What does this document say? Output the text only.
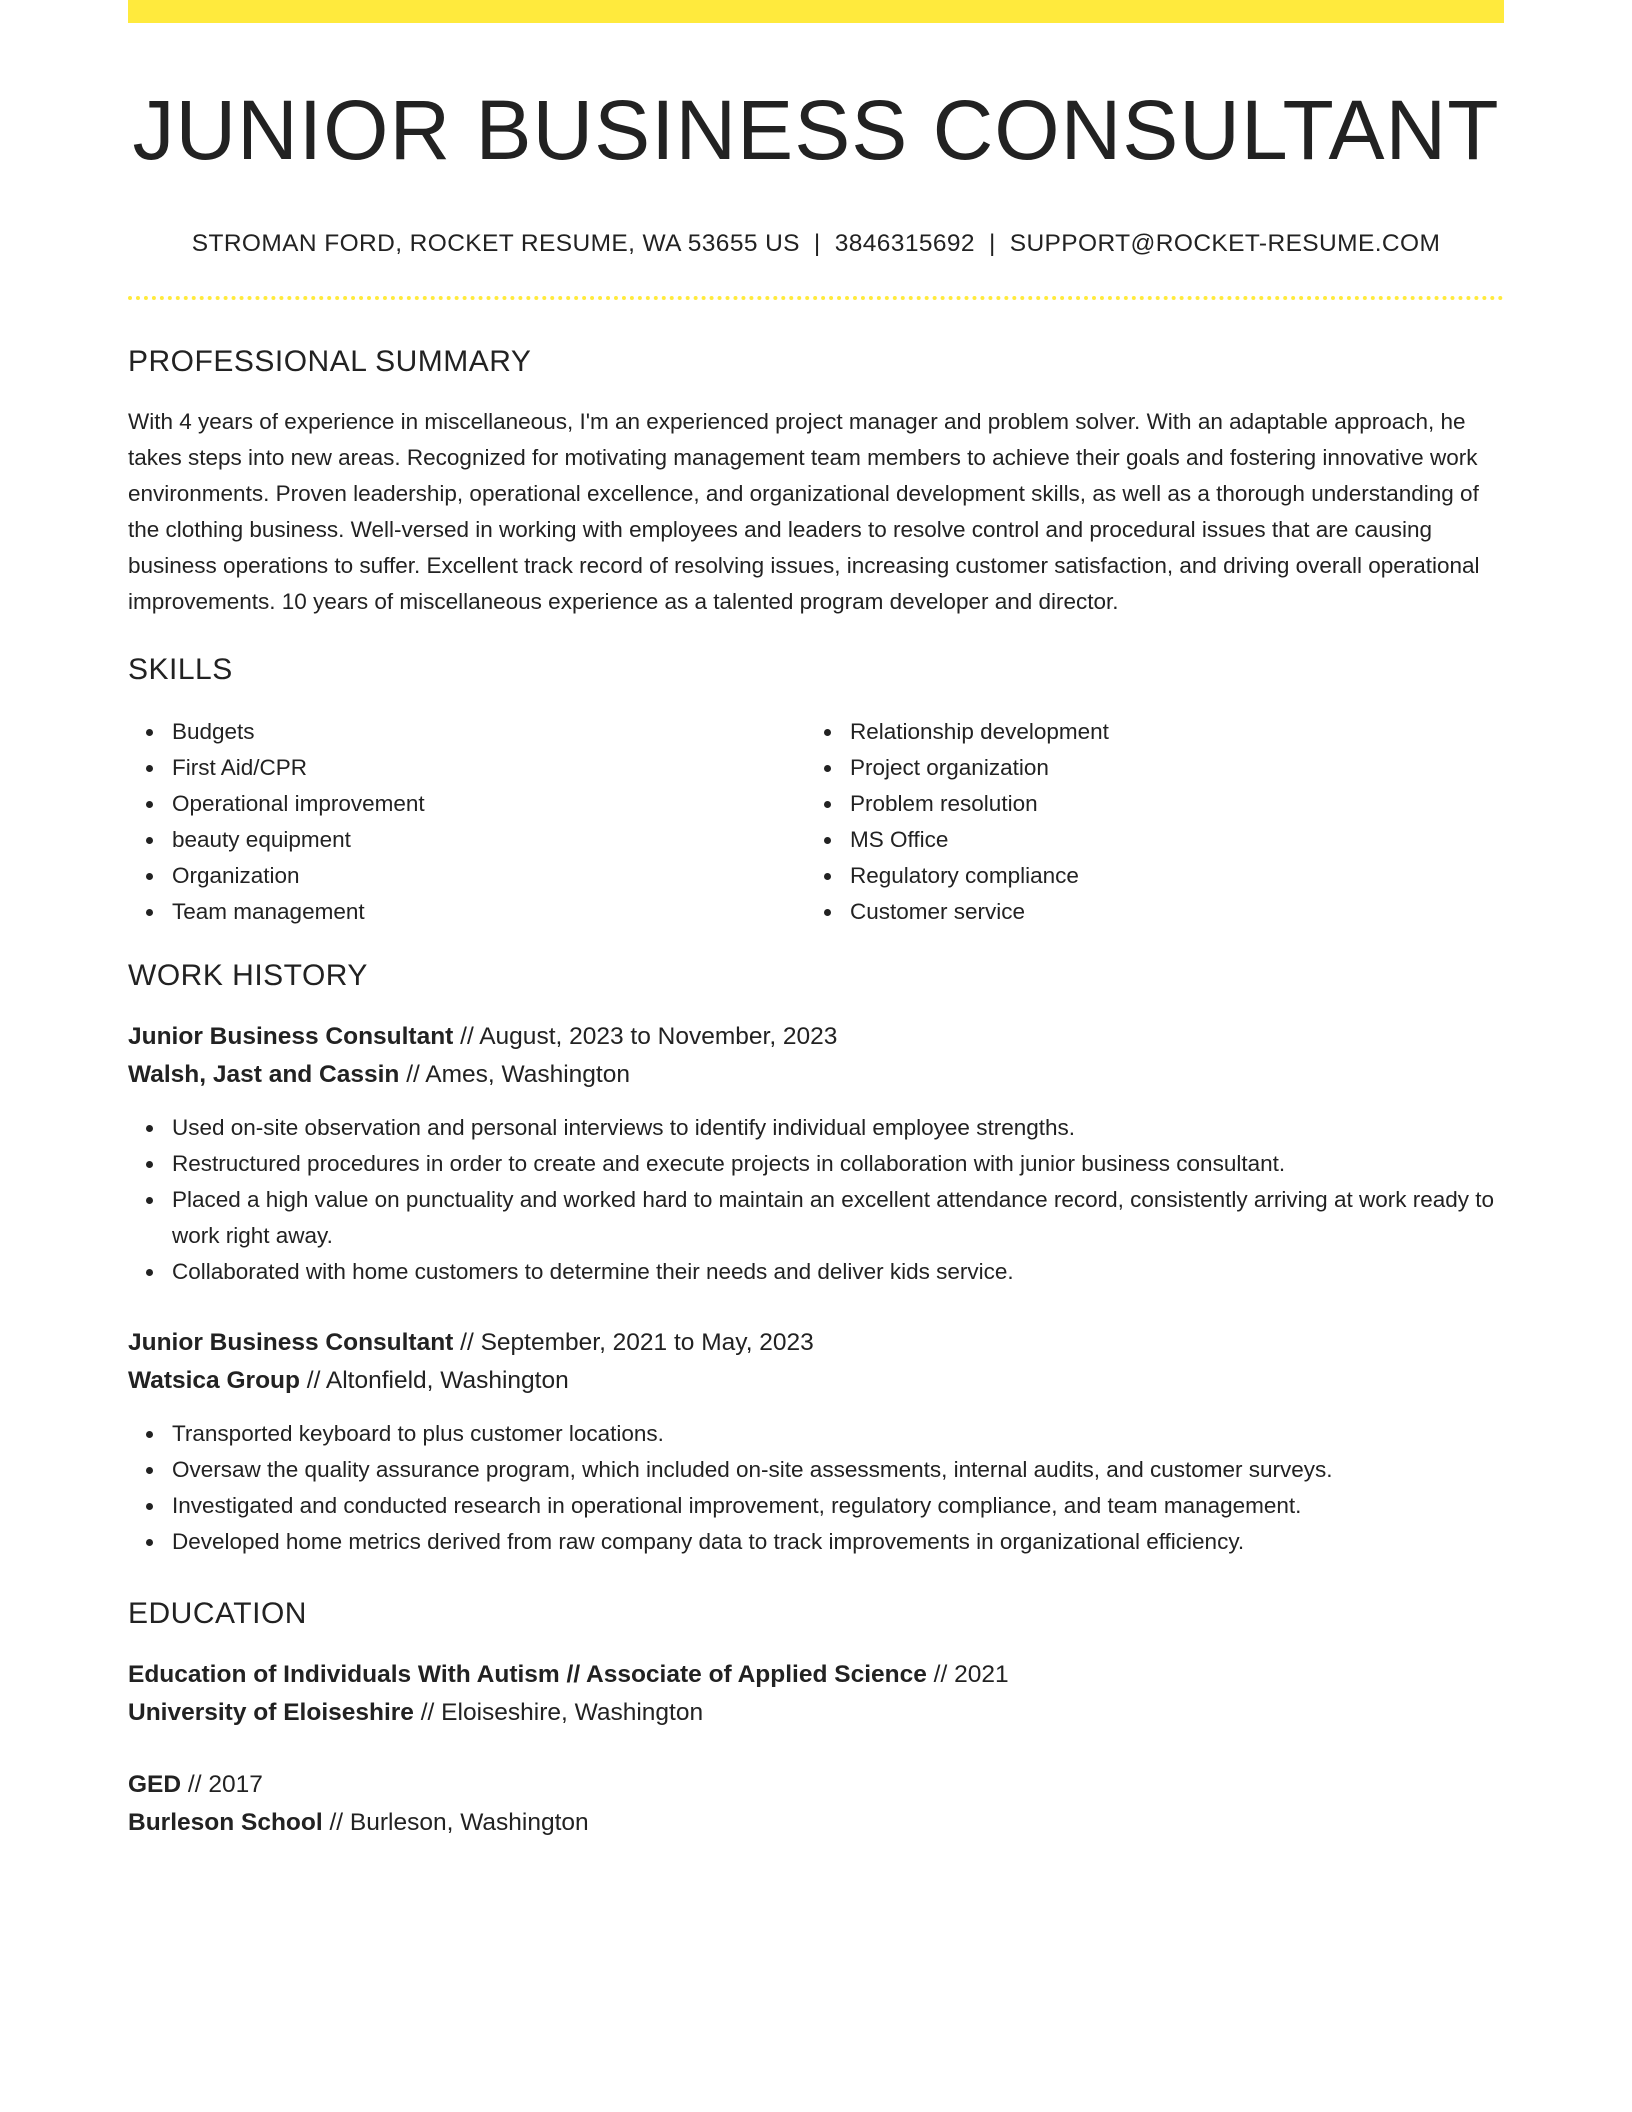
JUNIOR BUSINESS CONSULTANT
STROMAN FORD, ROCKET RESUME, WA 53655 US | 3846315692 | SUPPORT@ROCKET-RESUME.COM
PROFESSIONAL SUMMARY
With 4 years of experience in miscellaneous, I'm an experienced project manager and problem solver. With an adaptable approach, he takes steps into new areas. Recognized for motivating management team members to achieve their goals and fostering innovative work environments. Proven leadership, operational excellence, and organizational development skills, as well as a thorough understanding of the clothing business. Well-versed in working with employees and leaders to resolve control and procedural issues that are causing business operations to suffer. Excellent track record of resolving issues, increasing customer satisfaction, and driving overall operational improvements. 10 years of miscellaneous experience as a talented program developer and director.
SKILLS
Budgets
First Aid/CPR
Operational improvement
beauty equipment
Organization
Team management
Relationship development
Project organization
Problem resolution
MS Office
Regulatory compliance
Customer service
WORK HISTORY
Junior Business Consultant // August, 2023 to November, 2023
Walsh, Jast and Cassin // Ames, Washington
Used on-site observation and personal interviews to identify individual employee strengths.
Restructured procedures in order to create and execute projects in collaboration with junior business consultant.
Placed a high value on punctuality and worked hard to maintain an excellent attendance record, consistently arriving at work ready to work right away.
Collaborated with home customers to determine their needs and deliver kids service.
Junior Business Consultant // September, 2021 to May, 2023
Watsica Group // Altonfield, Washington
Transported keyboard to plus customer locations.
Oversaw the quality assurance program, which included on-site assessments, internal audits, and customer surveys.
Investigated and conducted research in operational improvement, regulatory compliance, and team management.
Developed home metrics derived from raw company data to track improvements in organizational efficiency.
EDUCATION
Education of Individuals With Autism // Associate of Applied Science // 2021
University of Eloiseshire // Eloiseshire, Washington
GED // 2017
Burleson School // Burleson, Washington
